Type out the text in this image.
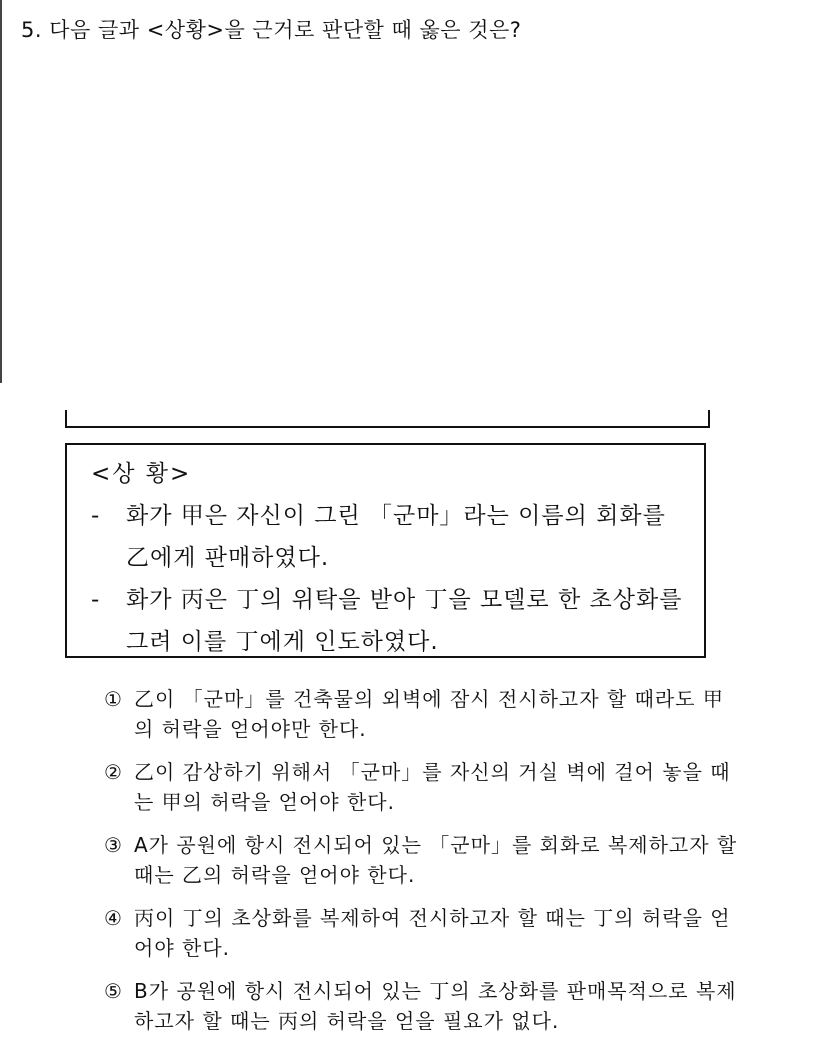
5. 다음 글과 <상황>을 근거로 판단할 때 옳은 것은?
<상 황>
-	화가 甲은 자신이 그린 「군마」라는 이름의 회화를 乙에게 판매하였다.
-	화가 丙은 丁의 위탁을 받아 丁을 모델로 한 초상화를 그려 이를 丁에게 인도하였다.
① 乙이 「군마」를 건축물의 외벽에 잠시 전시하고자 할 때라도 甲의 허락을 얻어야만 한다.
② 乙이 감상하기 위해서 「군마」를 자신의 거실 벽에 걸어 놓을 때는 甲의 허락을 얻어야 한다.
③ A가 공원에 항시 전시되어 있는 「군마」를 회화로 복제하고자 할 때는 乙의 허락을 얻어야 한다.
④ 丙이 丁의 초상화를 복제하여 전시하고자 할 때는 丁의 허락을 얻어야 한다.
⑤ B가 공원에 항시 전시되어 있는 丁의 초상화를 판매목적으로 복제하고자 할 때는 丙의 허락을 얻을 필요가 없다.
